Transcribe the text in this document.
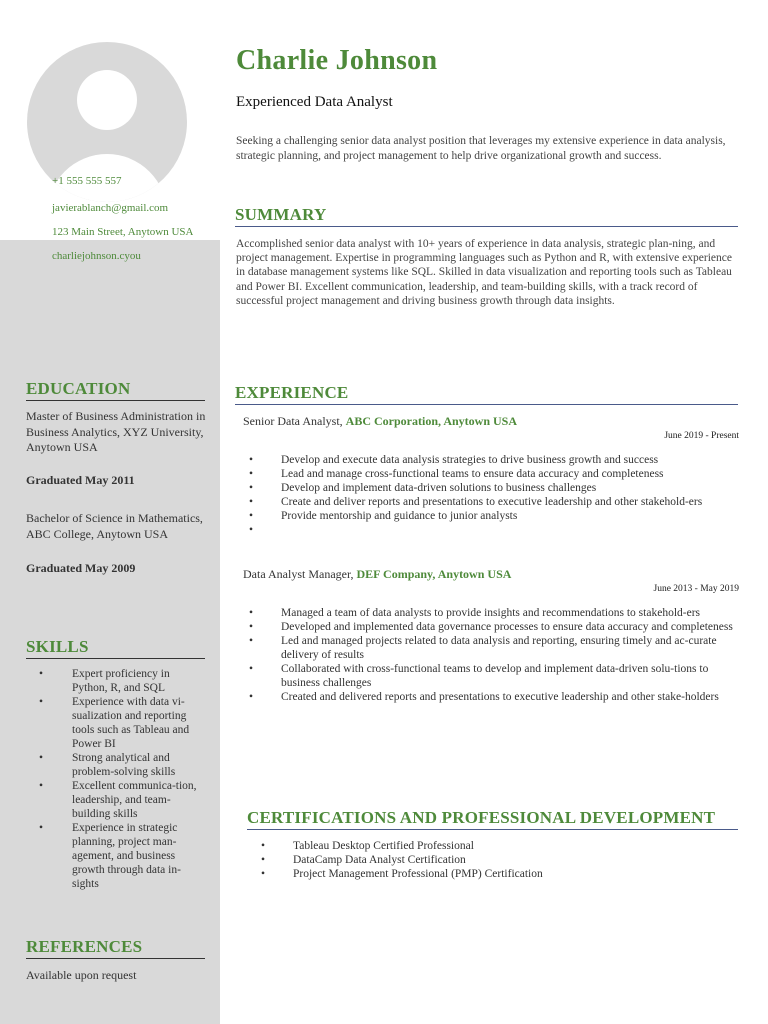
+1 555 555 557
javierablanch@gmail.com
123 Main Street, Anytown USA
charliejohnson.cyou
EDUCATION
Master of Business Administration in Business Analytics, XYZ University, Anytown USA
Graduated May 2011
Bachelor of Science in Mathematics, ABC College, Anytown USA
Graduated May 2009
SKILLS
• Expert proficiency in Python, R, and SQL
• Experience with data vi-sualization and reporting tools such as Tableau and Power BI
• Strong analytical and problem-solving skills
• Excellent communica-tion, leadership, and team-building skills
• Experience in strategic planning, project man-agement, and business growth through data in-sights
REFERENCES
Available upon request
Charlie Johnson
Experienced Data Analyst
Seeking a challenging senior data analyst position that leverages my extensive experience in data analysis, strategic planning, and project management to help drive organizational growth and success.
SUMMARY
Accomplished senior data analyst with 10+ years of experience in data analysis, strategic plan-ning, and project management. Expertise in programming languages such as Python and R, with extensive experience in database management systems like SQL. Skilled in data visualization and reporting tools such as Tableau and Power BI. Excellent communication, leadership, and team-building skills, with a track record of successful project management and driving business growth through data insights.
EXPERIENCE
Senior Data Analyst, ABC Corporation, Anytown USA
June 2019 - Present
• Develop and execute data analysis strategies to drive business growth and success
• Lead and manage cross-functional teams to ensure data accuracy and completeness
• Develop and implement data-driven solutions to business challenges
• Create and deliver reports and presentations to executive leadership and other stakehold-ers
• Provide mentorship and guidance to junior analysts
•
Data Analyst Manager, DEF Company, Anytown USA
June 2013 - May 2019
• Managed a team of data analysts to provide insights and recommendations to stakehold-ers
• Developed and implemented data governance processes to ensure data accuracy and completeness
• Led and managed projects related to data analysis and reporting, ensuring timely and ac-curate delivery of results
• Collaborated with cross-functional teams to develop and implement data-driven solu-tions to business challenges
• Created and delivered reports and presentations to executive leadership and other stake-holders
CERTIFICATIONS AND PROFESSIONAL DEVELOPMENT
• Tableau Desktop Certified Professional
• DataCamp Data Analyst Certification
• Project Management Professional (PMP) Certification
